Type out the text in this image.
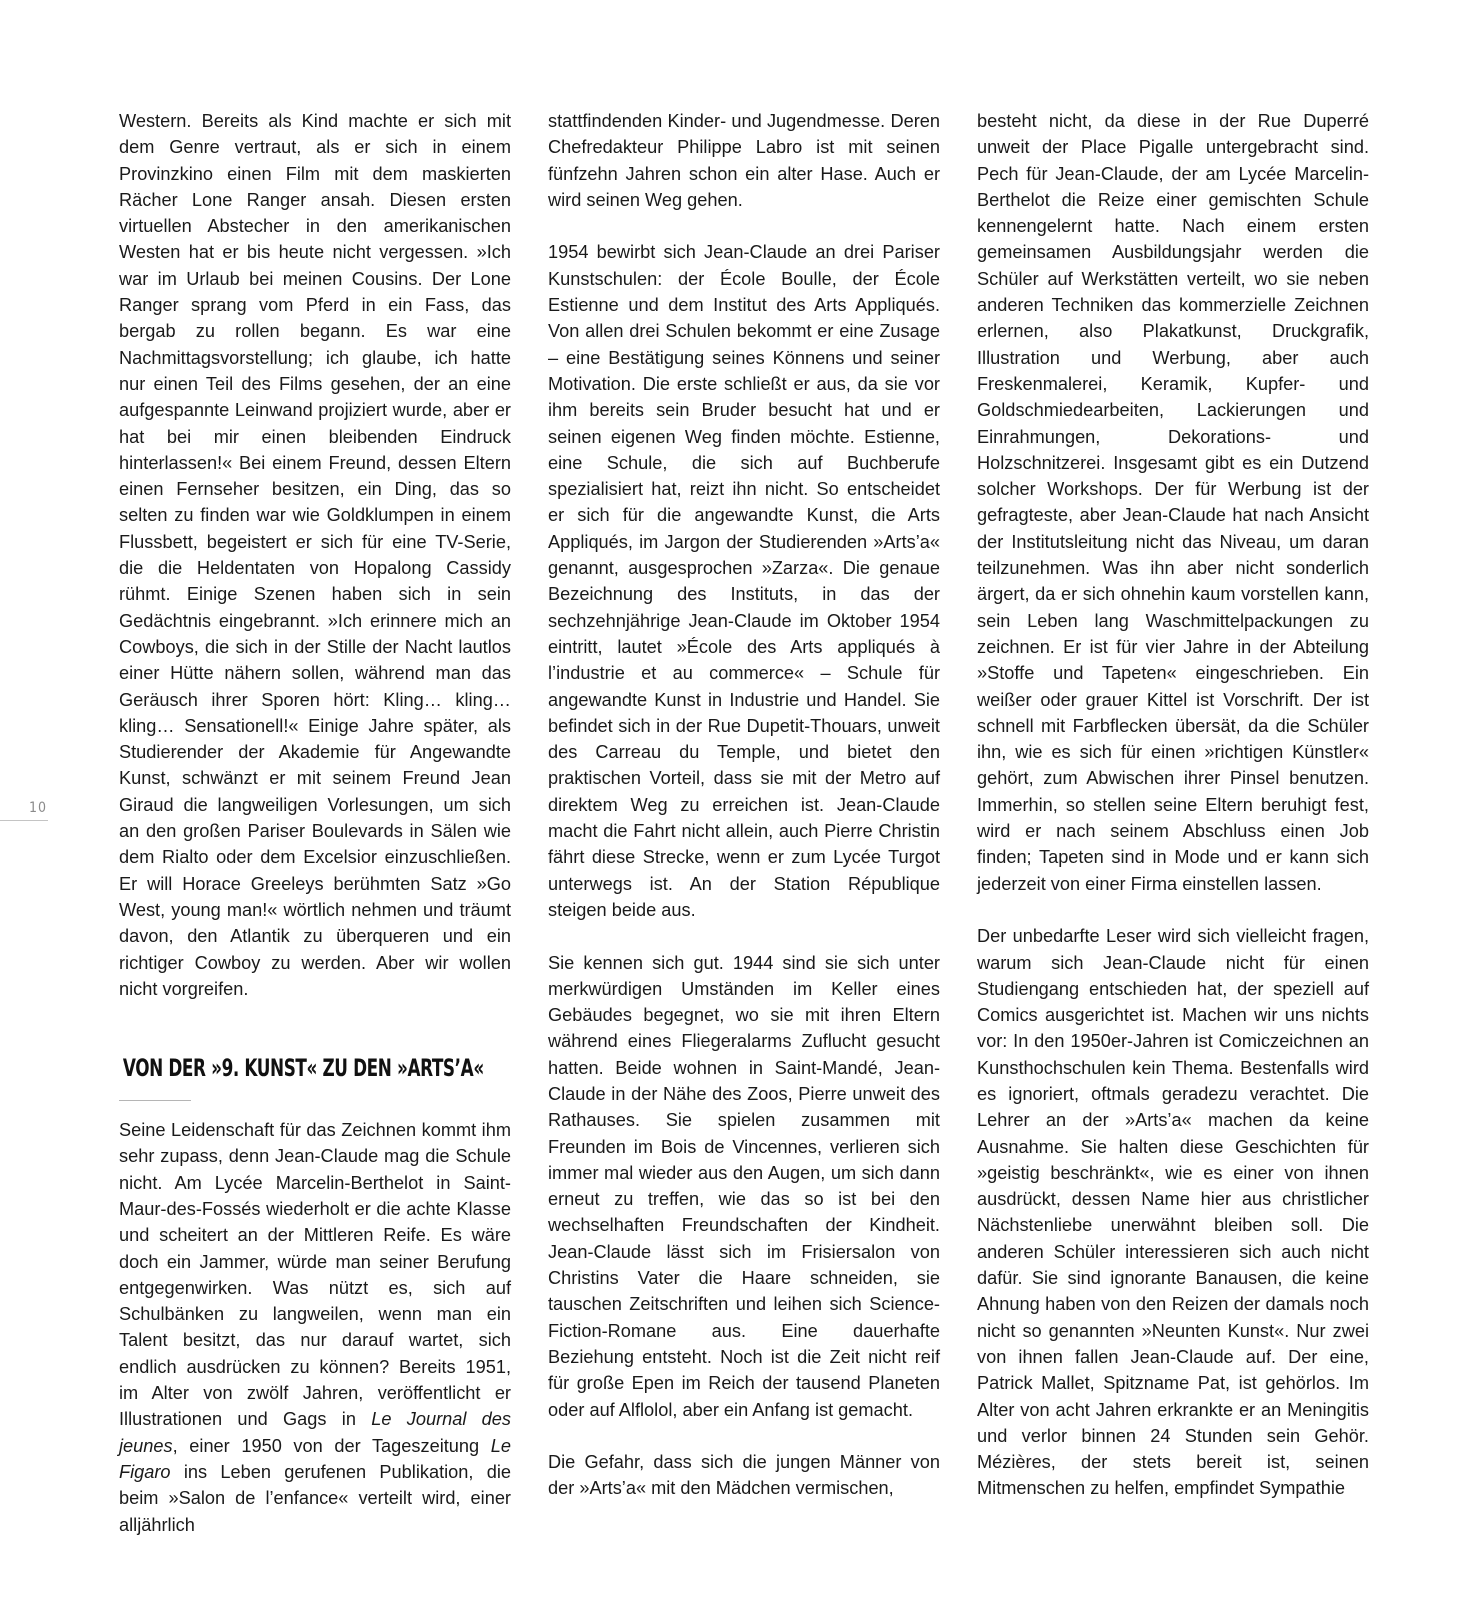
10

Western. Bereits als Kind machte er sich mit dem Genre vertraut, als er sich in einem Provinzkino einen Film mit dem maskierten Rächer Lone Ranger ansah. Diesen ersten virtuellen Abstecher in den amerikanischen Westen hat er bis heute nicht vergessen. »Ich war im Urlaub bei meinen Cousins. Der Lone Ranger sprang vom Pferd in ein Fass, das bergab zu rollen begann. Es war eine Nachmittagsvorstellung; ich glaube, ich hatte nur einen Teil des Films gesehen, der an eine aufgespannte Leinwand projiziert wurde, aber er hat bei mir einen bleibenden Eindruck hinterlassen!« Bei einem Freund, dessen Eltern einen Fernseher besitzen, ein Ding, das so selten zu finden war wie Goldklumpen in einem Flussbett, begeistert er sich für eine TV-Serie, die die Heldentaten von Hopalong Cassidy rühmt. Einige Szenen haben sich in sein Gedächtnis eingebrannt. »Ich erinnere mich an Cowboys, die sich in der Stille der Nacht lautlos einer Hütte nähern sollen, während man das Geräusch ihrer Sporen hört: Kling… kling… kling… Sensationell!« Einige Jahre später, als Studierender der Akademie für Angewandte Kunst, schwänzt er mit seinem Freund Jean Giraud die langweiligen Vorlesungen, um sich an den großen Pariser Boulevards in Sälen wie dem Rialto oder dem Excelsior einzuschließen. Er will Horace Greeleys berühmten Satz »Go West, young man!« wörtlich nehmen und träumt davon, den Atlantik zu überqueren und ein richtiger Cowboy zu werden. Aber wir wollen nicht vorgreifen.

VON DER »9. KUNST« ZU DEN »ARTS’A«

Seine Leidenschaft für das Zeichnen kommt ihm sehr zupass, denn Jean-Claude mag die Schule nicht. Am Lycée Marcelin-Berthelot in Saint-Maur-des-Fossés wiederholt er die achte Klasse und scheitert an der Mittleren Reife. Es wäre doch ein Jammer, würde man seiner Berufung entgegenwirken. Was nützt es, sich auf Schulbänken zu langweilen, wenn man ein Talent besitzt, das nur darauf wartet, sich endlich ausdrücken zu können? Bereits 1951, im Alter von zwölf Jahren, veröffentlicht er Illustrationen und Gags in Le Journal des jeunes, einer 1950 von der Tageszeitung Le Figaro ins Leben gerufenen Publikation, die beim »Salon de l’enfance« verteilt wird, einer alljährlich

stattfindenden Kinder- und Jugendmesse. Deren Chefredakteur Philippe Labro ist mit seinen fünfzehn Jahren schon ein alter Hase. Auch er wird seinen Weg gehen.

1954 bewirbt sich Jean-Claude an drei Pariser Kunstschulen: der École Boulle, der École Estienne und dem Institut des Arts Appliqués. Von allen drei Schulen bekommt er eine Zusage – eine Bestätigung seines Könnens und seiner Motivation. Die erste schließt er aus, da sie vor ihm bereits sein Bruder besucht hat und er seinen eigenen Weg finden möchte. Estienne, eine Schule, die sich auf Buchberufe spezialisiert hat, reizt ihn nicht. So entscheidet er sich für die angewandte Kunst, die Arts Appliqués, im Jargon der Studierenden »Arts’a« genannt, ausgesprochen »Zarza«. Die genaue Bezeichnung des Instituts, in das der sechzehnjährige Jean-Claude im Oktober 1954 eintritt, lautet »École des Arts appliqués à l’industrie et au commerce« – Schule für angewandte Kunst in Industrie und Handel. Sie befindet sich in der Rue Dupetit-Thouars, unweit des Carreau du Temple, und bietet den praktischen Vorteil, dass sie mit der Metro auf direktem Weg zu erreichen ist. Jean-Claude macht die Fahrt nicht allein, auch Pierre Christin fährt diese Strecke, wenn er zum Lycée Turgot unterwegs ist. An der Station République steigen beide aus.

Sie kennen sich gut. 1944 sind sie sich unter merkwürdigen Umständen im Keller eines Gebäudes begegnet, wo sie mit ihren Eltern während eines Fliegeralarms Zuflucht gesucht hatten. Beide wohnen in Saint-Mandé, Jean-Claude in der Nähe des Zoos, Pierre unweit des Rathauses. Sie spielen zusammen mit Freunden im Bois de Vincennes, verlieren sich immer mal wieder aus den Augen, um sich dann erneut zu treffen, wie das so ist bei den wechselhaften Freundschaften der Kindheit. Jean-Claude lässt sich im Frisiersalon von Christins Vater die Haare schneiden, sie tauschen Zeitschriften und leihen sich Science-Fiction-Romane aus. Eine dauerhafte Beziehung entsteht. Noch ist die Zeit nicht reif für große Epen im Reich der tausend Planeten oder auf Alflolol, aber ein Anfang ist gemacht.

Die Gefahr, dass sich die jungen Männer von der »Arts’a« mit den Mädchen vermischen,

besteht nicht, da diese in der Rue Duperré unweit der Place Pigalle untergebracht sind. Pech für Jean-Claude, der am Lycée Marcelin-Berthelot die Reize einer gemischten Schule kennengelernt hatte. Nach einem ersten gemeinsamen Ausbildungsjahr werden die Schüler auf Werkstätten verteilt, wo sie neben anderen Techniken das kommerzielle Zeichnen erlernen, also Plakatkunst, Druckgrafik, Illustration und Werbung, aber auch Freskenmalerei, Keramik, Kupfer- und Goldschmiedearbeiten, Lackierungen und Einrahmungen, Dekorations- und Holzschnitzerei. Insgesamt gibt es ein Dutzend solcher Workshops. Der für Werbung ist der gefragteste, aber Jean-Claude hat nach Ansicht der Institutsleitung nicht das Niveau, um daran teilzunehmen. Was ihn aber nicht sonderlich ärgert, da er sich ohnehin kaum vorstellen kann, sein Leben lang Waschmittelpackungen zu zeichnen. Er ist für vier Jahre in der Abteilung »Stoffe und Tapeten« eingeschrieben. Ein weißer oder grauer Kittel ist Vorschrift. Der ist schnell mit Farbflecken übersät, da die Schüler ihn, wie es sich für einen »richtigen Künstler« gehört, zum Abwischen ihrer Pinsel benutzen. Immerhin, so stellen seine Eltern beruhigt fest, wird er nach seinem Abschluss einen Job finden; Tapeten sind in Mode und er kann sich jederzeit von einer Firma einstellen lassen.

Der unbedarfte Leser wird sich vielleicht fragen, warum sich Jean-Claude nicht für einen Studiengang entschieden hat, der speziell auf Comics ausgerichtet ist. Machen wir uns nichts vor: In den 1950er-Jahren ist Comiczeichnen an Kunsthochschulen kein Thema. Bestenfalls wird es ignoriert, oftmals geradezu verachtet. Die Lehrer an der »Arts’a« machen da keine Ausnahme. Sie halten diese Geschichten für »geistig beschränkt«, wie es einer von ihnen ausdrückt, dessen Name hier aus christlicher Nächstenliebe unerwähnt bleiben soll. Die anderen Schüler interessieren sich auch nicht dafür. Sie sind ignorante Banausen, die keine Ahnung haben von den Reizen der damals noch nicht so genannten »Neunten Kunst«. Nur zwei von ihnen fallen Jean-Claude auf. Der eine, Patrick Mallet, Spitzname Pat, ist gehörlos. Im Alter von acht Jahren erkrankte er an Meningitis und verlor binnen 24 Stunden sein Gehör. Mézières, der stets bereit ist, seinen Mitmenschen zu helfen, empfindet Sympathie
